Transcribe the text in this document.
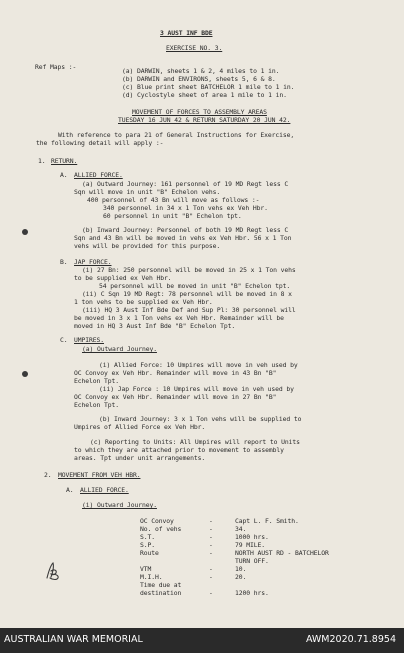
3 AUST INF BDE
EXERCISE NO. 3.
Ref Maps :-	(a) DARWIN, sheets 1 & 2, 4 miles to 1 in.
(b) DARWIN and ENVIRONS, sheets 5, 6 & 8.
(c) Blue print sheet BATCHELOR 1 mile to 1 in.
(d) Cyclostyle sheet of area 1 mile to 1 in.
MOVEMENT OF FORCES TO ASSEMBLY AREAS
TUESDAY 16 JUN 42 & RETURN SATURDAY 20 JUN 42.
With reference to para 21 of General Instructions for Exercise,
the following detail will apply :-
1. RETURN.
A. ALLIED FORCE.
(a) Outward Journey: 161 personnel of 19 MD Regt less C
Sqn will move in unit "B" Echelon vehs.
400 personnel of 43 Bn will move as follows :-
340 personnel in 34 x 1 Ton vehs ex Veh Hbr.
60 personnel in unit "B" Echelon tpt.
(b) Inward Journey: Personnel of both 19 MD Regt less C
Sqn and 43 Bn will be moved in vehs ex Veh Hbr. 56 x 1 Ton
vehs will be provided for this purpose.
B. JAP FORCE.
(i) 27 Bn: 250 personnel will be moved in 25 x 1 Ton vehs
to be supplied ex Veh Hbr.
54 personnel will be moved in unit "B" Echelon tpt.
(ii) C Sqn 19 MD Regt: 78 personnel will be moved in 8 x
1 ton vehs to be supplied ex Veh Hbr.
(iii) HQ 3 Aust Inf Bde Def and Sup Pl: 30 personnel will
be moved in 3 x 1 Ton vehs ex Veh Hbr. Remainder will be
moved in HQ 3 Aust Inf Bde "B" Echelon Tpt.
C. UMPIRES.
(a) Outward Journey.
(i) Allied Force: 10 Umpires will move in veh used by
OC Convoy ex Veh Hbr. Remainder will move in 43 Bn "B"
Echelon Tpt.
(ii) Jap Force : 10 Umpires will move in veh used by
OC Convoy ex Veh Hbr. Remainder will move in 27 Bn "B"
Echelon Tpt.
(b) Inward Journey: 3 x 1 Ton vehs will be supplied to
Umpires of Allied Force ex Veh Hbr.
(c) Reporting to Units: All Umpires will report to Units
to which they are attached prior to movement to assembly
areas. Tpt under unit arrangements.
2. MOVEMENT FROM VEH HBR.
A. ALLIED FORCE.
(i) Outward Journey.
OC Convoy	-	Capt L. F. Smith.
No. of vehs	-	34.
S.T.	-	1000 hrs.
S.P.	-	79 MILE.
Route	-	NORTH AUST RD - BATCHELOR
TURN OFF.
VTM	-	10.
M.I.H.	-	20.
Time due at
destination	-	1200 hrs.
AUSTRALIAN WAR MEMORIAL	AWM2020.71.8954
